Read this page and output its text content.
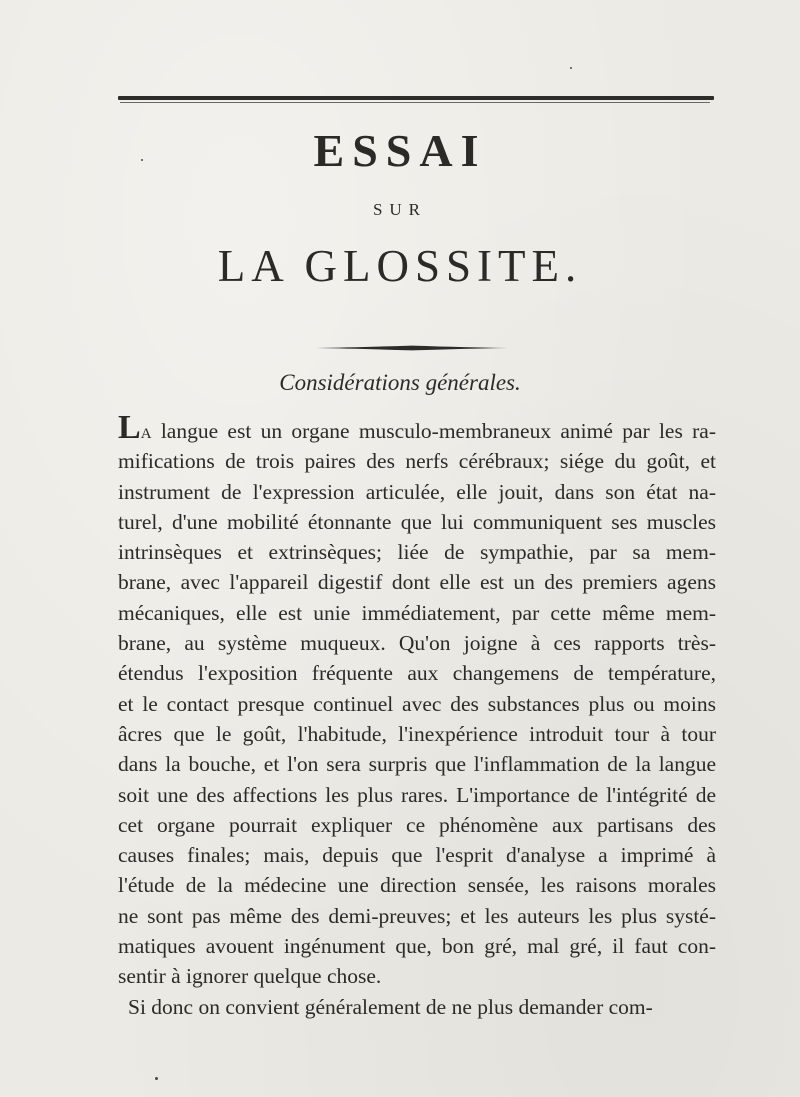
ESSAI
SUR
LA GLOSSITE.
Considérations générales.
La langue est un organe musculo-membraneux animé par les ra-
mifications de trois paires des nerfs cérébraux; siége du goût, et
instrument de l'expression articulée, elle jouit, dans son état na-
turel, d'une mobilité étonnante que lui communiquent ses muscles
intrinsèques et extrinsèques; liée de sympathie, par sa mem-
brane, avec l'appareil digestif dont elle est un des premiers agens
mécaniques, elle est unie immédiatement, par cette même mem-
brane, au système muqueux. Qu'on joigne à ces rapports très-
étendus l'exposition fréquente aux changemens de température,
et le contact presque continuel avec des substances plus ou moins
âcres que le goût, l'habitude, l'inexpérience introduit tour à tour
dans la bouche, et l'on sera surpris que l'inflammation de la langue
soit une des affections les plus rares. L'importance de l'intégrité de
cet organe pourrait expliquer ce phénomène aux partisans des
causes finales; mais, depuis que l'esprit d'analyse a imprimé à
l'étude de la médecine une direction sensée, les raisons morales
ne sont pas même des demi-preuves; et les auteurs les plus systé-
matiques avouent ingénument que, bon gré, mal gré, il faut con-
sentir à ignorer quelque chose.
Si donc on convient généralement de ne plus demander com-
